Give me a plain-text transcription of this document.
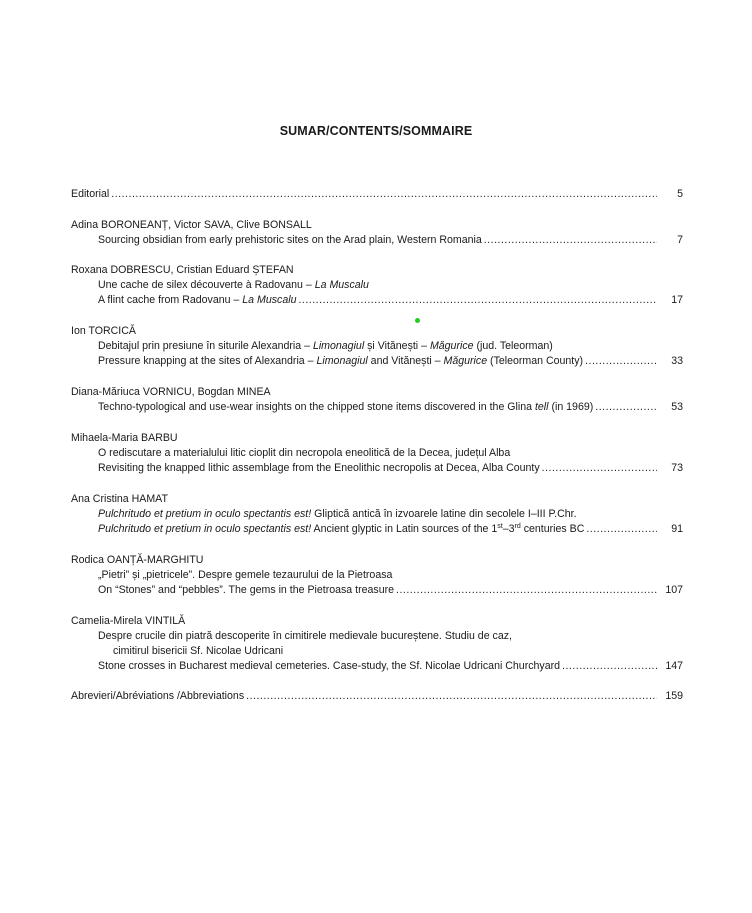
SUMAR/CONTENTS/SOMMAIRE
Editorial .....	5
Adina BORONEANȚ, Victor SAVA, Clive BONSALL
Sourcing obsidian from early prehistoric sites on the Arad plain, Western Romania .....	7
Roxana DOBRESCU, Cristian Eduard ȘTEFAN
Une cache de silex découverte à Radovanu – La Muscalu
A flint cache from Radovanu – La Muscalu .....	17
Ion TORCICĂ
Debitajul prin presiune în siturile Alexandria – Limonagiul și Vitănești – Măgurice (jud. Teleorman)
Pressure knapping at the sites of Alexandria – Limonagiul and Vitănești – Măgurice (Teleorman County) .....	33
Diana-Măriuca VORNICU, Bogdan MINEA
Techno-typological and use-wear insights on the chipped stone items discovered in the Glina tell (in 1969) .....	53
Mihaela-Maria BARBU
O rediscutare a materialului litic cioplit din necropola eneolitică de la Decea, județul Alba
Revisiting the knapped lithic assemblage from the Eneolithic necropolis at Decea, Alba County .....	73
Ana Cristina HAMAT
Pulchritudo et pretium in oculo spectantis est! Gliptică antică în izvoarele latine din secolele I–III P.Chr.
Pulchritudo et pretium in oculo spectantis est! Ancient glyptic in Latin sources of the 1st–3rd centuries BC .....	91
Rodica OANȚĂ-MARGHITU
„Pietri” și „pietricele”. Despre gemele tezaurului de la Pietroasa
On “Stones” and “pebbles”. The gems in the Pietroasa treasure .....	107
Camelia-Mirela VINTILĂ
Despre crucile din piatră descoperite în cimitirele medievale bucureștene. Studiu de caz,
cimitirul bisericii Sf. Nicolae Udricani
Stone crosses in Bucharest medieval cemeteries. Case-study, the Sf. Nicolae Udricani Churchyard .....	147
Abrevieri/Abréviations /Abbreviations .....	159
